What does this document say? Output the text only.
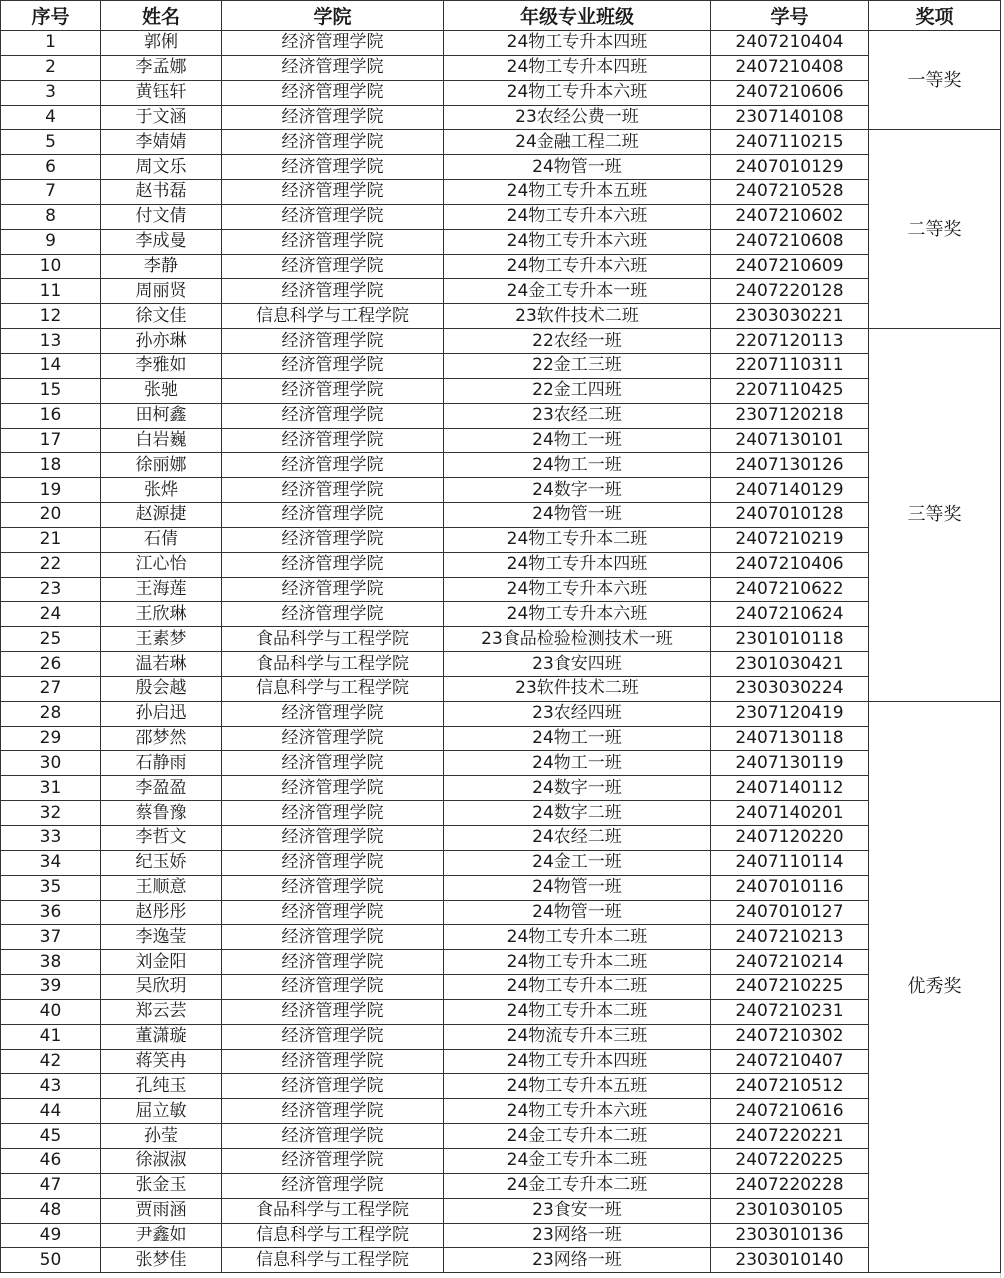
序号	姓名	学院	年级专业班级	学号	奖项
1	郭俐	经济管理学院	24物工专升本四班	2407210404	一等奖
2	李孟娜	经济管理学院	24物工专升本四班	2407210408	
3	黄钰轩	经济管理学院	24物工专升本六班	2407210606	
4	于文涵	经济管理学院	23农经公费一班	2307140108	
5	李婧婧	经济管理学院	24金融工程二班	2407110215	二等奖
6	周文乐	经济管理学院	24物管一班	2407010129	
7	赵书磊	经济管理学院	24物工专升本五班	2407210528	
8	付文倩	经济管理学院	24物工专升本六班	2407210602	
9	李成曼	经济管理学院	24物工专升本六班	2407210608	
10	李静	经济管理学院	24物工专升本六班	2407210609	
11	周丽贤	经济管理学院	24金工专升本一班	2407220128	
12	徐文佳	信息科学与工程学院	23软件技术二班	2303030221	
13	孙亦琳	经济管理学院	22农经一班	2207120113	三等奖
14	李雅如	经济管理学院	22金工三班	2207110311	
15	张驰	经济管理学院	22金工四班	2207110425	
16	田柯鑫	经济管理学院	23农经二班	2307120218	
17	白岩巍	经济管理学院	24物工一班	2407130101	
18	徐丽娜	经济管理学院	24物工一班	2407130126	
19	张烨	经济管理学院	24数字一班	2407140129	
20	赵源捷	经济管理学院	24物管一班	2407010128	
21	石倩	经济管理学院	24物工专升本二班	2407210219	
22	江心怡	经济管理学院	24物工专升本四班	2407210406	
23	王海莲	经济管理学院	24物工专升本六班	2407210622	
24	王欣琳	经济管理学院	24物工专升本六班	2407210624	
25	王素梦	食品科学与工程学院	23食品检验检测技术一班	2301010118	
26	温若琳	食品科学与工程学院	23食安四班	2301030421	
27	殷会越	信息科学与工程学院	23软件技术二班	2303030224	
28	孙启迅	经济管理学院	23农经四班	2307120419	优秀奖
29	邵梦然	经济管理学院	24物工一班	2407130118	
30	石静雨	经济管理学院	24物工一班	2407130119	
31	李盈盈	经济管理学院	24数字一班	2407140112	
32	蔡鲁豫	经济管理学院	24数字二班	2407140201	
33	李哲文	经济管理学院	24农经二班	2407120220	
34	纪玉娇	经济管理学院	24金工一班	2407110114	
35	王顺意	经济管理学院	24物管一班	2407010116	
36	赵彤彤	经济管理学院	24物管一班	2407010127	
37	李逸莹	经济管理学院	24物工专升本二班	2407210213	
38	刘金阳	经济管理学院	24物工专升本二班	2407210214	
39	吴欣玥	经济管理学院	24物工专升本二班	2407210225	
40	郑云芸	经济管理学院	24物工专升本二班	2407210231	
41	董潇璇	经济管理学院	24物流专升本三班	2407210302	
42	蒋笑冉	经济管理学院	24物工专升本四班	2407210407	
43	孔纯玉	经济管理学院	24物工专升本五班	2407210512	
44	屈立敏	经济管理学院	24物工专升本六班	2407210616	
45	孙莹	经济管理学院	24金工专升本二班	2407220221	
46	徐淑淑	经济管理学院	24金工专升本二班	2407220225	
47	张金玉	经济管理学院	24金工专升本二班	2407220228	
48	贾雨涵	食品科学与工程学院	23食安一班	2301030105	
49	尹鑫如	信息科学与工程学院	23网络一班	2303010136	
50	张梦佳	信息科学与工程学院	23网络一班	2303010140	
